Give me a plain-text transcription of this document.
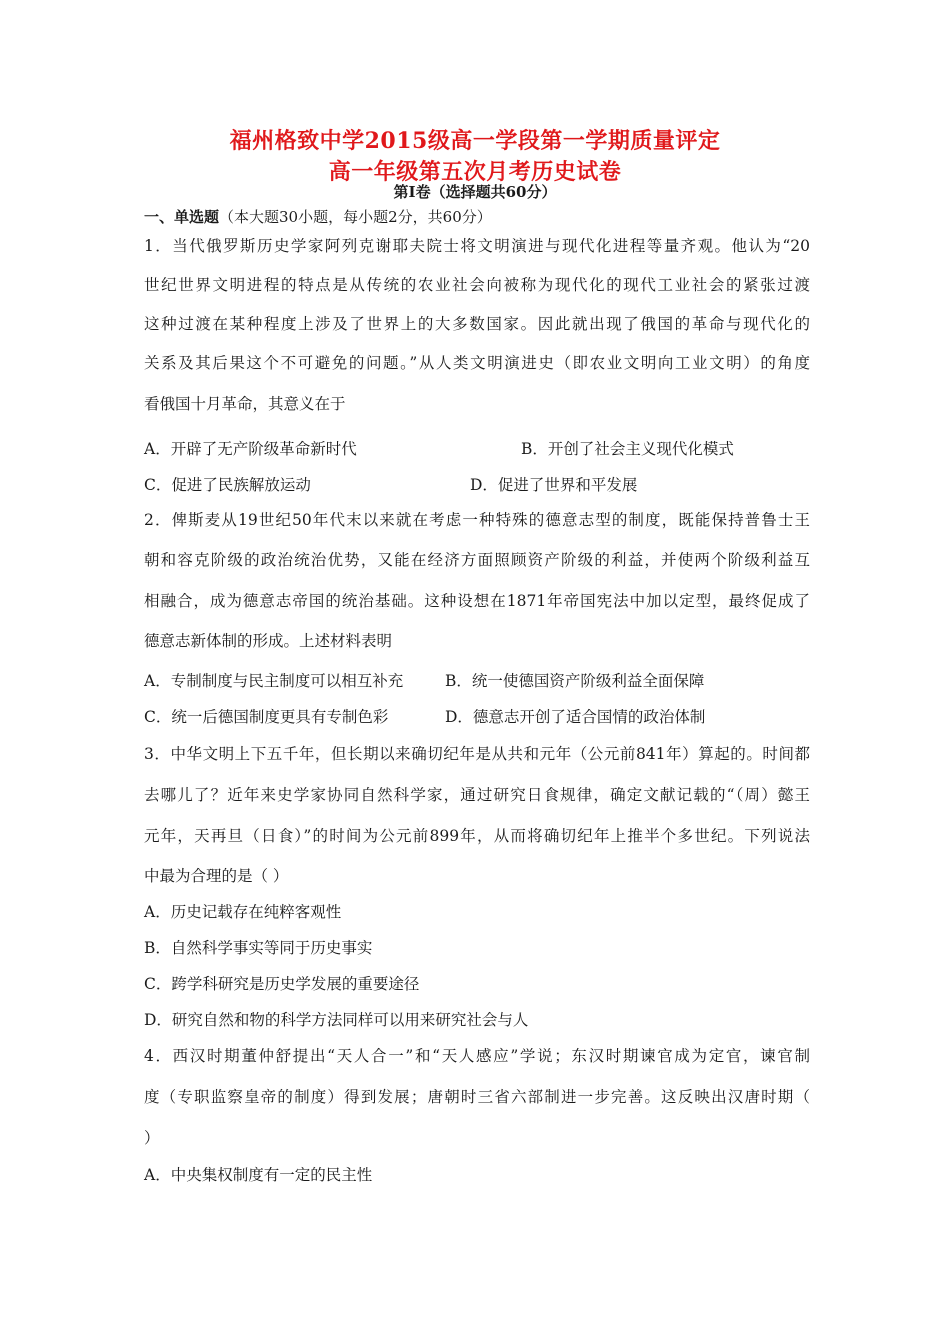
福州格致中学2015级高一学段第一学期质量评定
高一年级第五次月考历史试卷
第Ⅰ卷（选择题共60分）
一、单选题（本大题30小题，每小题2分，共60分）
1．当代俄罗斯历史学家阿列克谢耶夫院士将文明演进与现代化进程等量齐观。他认为“20
世纪世界文明进程的特点是从传统的农业社会向被称为现代化的现代工业社会的紧张过渡
这种过渡在某种程度上涉及了世界上的大多数国家。因此就出现了俄国的革命与现代化的
关系及其后果这个不可避免的问题。”从人类文明演进史（即农业文明向工业文明）的角度
看俄国十月革命，其意义在于
A．开辟了无产阶级革命新时代	B．开创了社会主义现代化模式
C．促进了民族解放运动	D．促进了世界和平发展
2．俾斯麦从19世纪50年代末以来就在考虑一种特殊的德意志型的制度，既能保持普鲁士王
朝和容克阶级的政治统治优势，又能在经济方面照顾资产阶级的利益，并使两个阶级利益互
相融合，成为德意志帝国的统治基础。这种设想在1871年帝国宪法中加以定型，最终促成了
德意志新体制的形成。上述材料表明
A．专制制度与民主制度可以相互补充	B．统一使德国资产阶级利益全面保障
C．统一后德国制度更具有专制色彩	D．德意志开创了适合国情的政治体制
3．中华文明上下五千年，但长期以来确切纪年是从共和元年（公元前841年）算起的。时间都
去哪儿了？近年来史学家协同自然科学家，通过研究日食规律，确定文献记载的“（周）懿王
元年，天再旦（日食）”的时间为公元前899年，从而将确切纪年上推半个多世纪。下列说法
中最为合理的是（ ）
A．历史记载存在纯粹客观性
B．自然科学事实等同于历史事实
C．跨学科研究是历史学发展的重要途径
D．研究自然和物的科学方法同样可以用来研究社会与人
4．西汉时期董仲舒提出“天人合一”和“天人感应”学说；东汉时期谏官成为定官，谏官制
度（专职监察皇帝的制度）得到发展；唐朝时三省六部制进一步完善。这反映出汉唐时期（
）
A．中央集权制度有一定的民主性
